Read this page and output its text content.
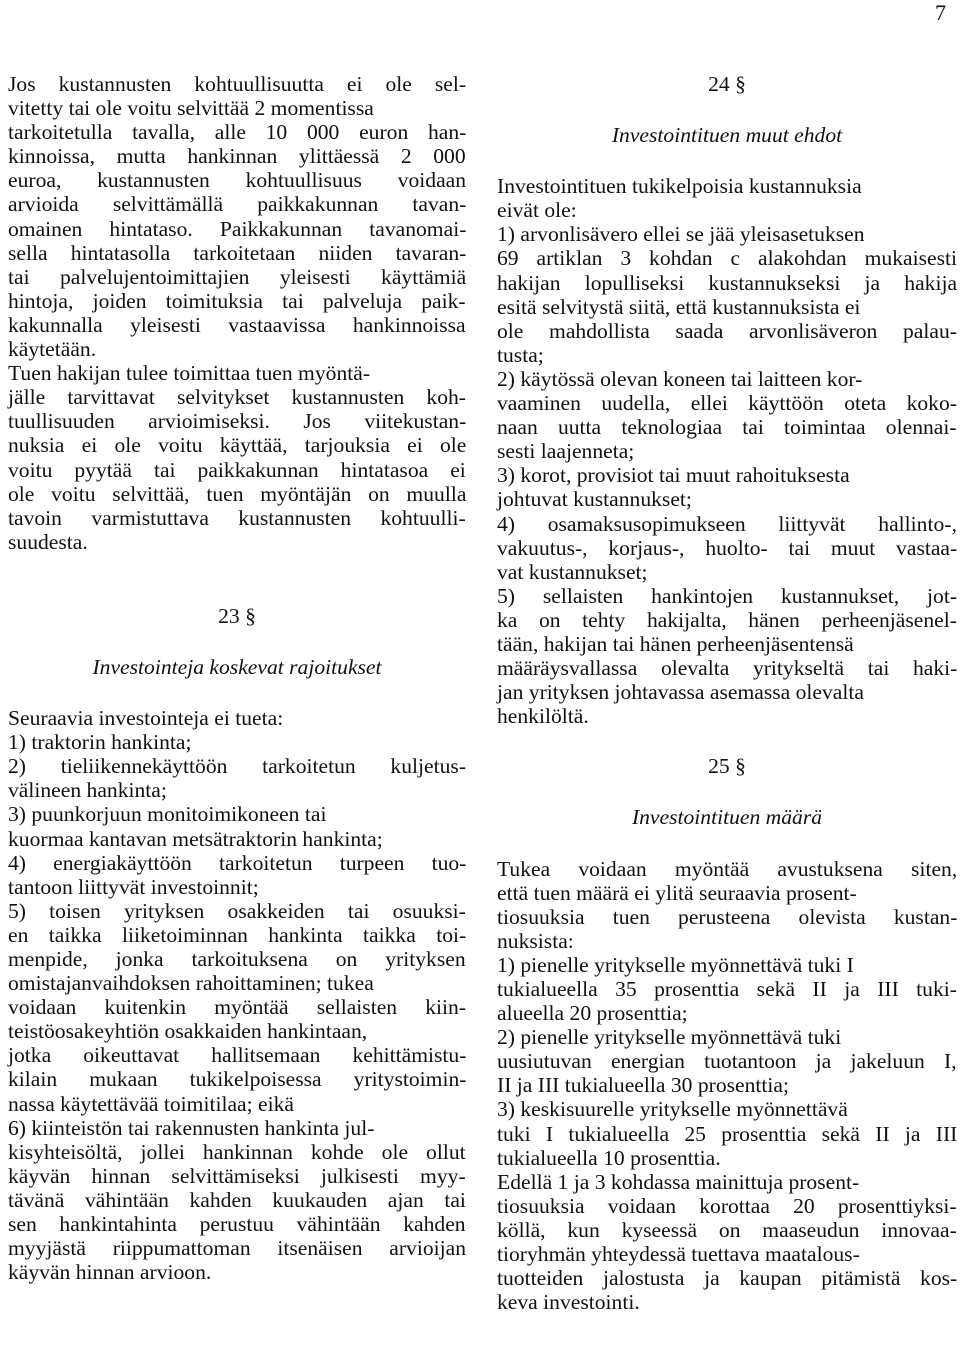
7
Jos kustannusten kohtuullisuutta ei ole sel-
vitetty tai ole voitu selvittää 2 momentissa
tarkoitetulla tavalla, alle 10 000 euron han-
kinnoissa, mutta hankinnan ylittäessä 2 000
euroa, kustannusten kohtuullisuus voidaan
arvioida selvittämällä paikkakunnan tavan-
omainen hintataso. Paikkakunnan tavanomai-
sella hintatasolla tarkoitetaan niiden tavaran-
tai palvelujentoimittajien yleisesti käyttämiä
hintoja, joiden toimituksia tai palveluja paik-
kakunnalla yleisesti vastaavissa hankinnoissa
käytetään.
Tuen hakijan tulee toimittaa tuen myöntä-
jälle tarvittavat selvitykset kustannusten koh-
tuullisuuden arvioimiseksi. Jos viitekustan-
nuksia ei ole voitu käyttää, tarjouksia ei ole
voitu pyytää tai paikkakunnan hintatasoa ei
ole voitu selvittää, tuen myöntäjän on muulla
tavoin varmistuttava kustannusten kohtuulli-
suudesta.
23 §
Investointeja koskevat rajoitukset
Seuraavia investointeja ei tueta:
1) traktorin hankinta;
2) tieliikennekäyttöön tarkoitetun kuljetus-
välineen hankinta;
3) puunkorjuun monitoimikoneen tai
kuormaa kantavan metsätraktorin hankinta;
4) energiakäyttöön tarkoitetun turpeen tuo-
tantoon liittyvät investoinnit;
5) toisen yrityksen osakkeiden tai osuuksi-
en taikka liiketoiminnan hankinta taikka toi-
menpide, jonka tarkoituksena on yrityksen
omistajanvaihdoksen rahoittaminen; tukea
voidaan kuitenkin myöntää sellaisten kiin-
teistöosakeyhtiön osakkaiden hankintaan,
jotka oikeuttavat hallitsemaan kehittämistu-
kilain mukaan tukikelpoisessa yritystoimin-
nassa käytettävää toimitilaa; eikä
6) kiinteistön tai rakennusten hankinta jul-
kisyhteisöltä, jollei hankinnan kohde ole ollut
käyvän hinnan selvittämiseksi julkisesti myy-
tävänä vähintään kahden kuukauden ajan tai
sen hankintahinta perustuu vähintään kahden
myyjästä riippumattoman itsenäisen arvioijan
käyvän hinnan arvioon.
24 §
Investointituen muut ehdot
Investointituen tukikelpoisia kustannuksia
eivät ole:
1) arvonlisävero ellei se jää yleisasetuksen
69 artiklan 3 kohdan c alakohdan mukaisesti
hakijan lopulliseksi kustannukseksi ja hakija
esitä selvitystä siitä, että kustannuksista ei
ole mahdollista saada arvonlisäveron palau-
tusta;
2) käytössä olevan koneen tai laitteen kor-
vaaminen uudella, ellei käyttöön oteta koko-
naan uutta teknologiaa tai toimintaa olennai-
sesti laajenneta;
3) korot, provisiot tai muut rahoituksesta
johtuvat kustannukset;
4) osamaksusopimukseen liittyvät hallinto-,
vakuutus-, korjaus-, huolto- tai muut vastaa-
vat kustannukset;
5) sellaisten hankintojen kustannukset, jot-
ka on tehty hakijalta, hänen perheenjäsenel-
tään, hakijan tai hänen perheenjäsentensä
määräysvallassa olevalta yritykseltä tai haki-
jan yrityksen johtavassa asemassa olevalta
henkilöltä.
25 §
Investointituen määrä
Tukea voidaan myöntää avustuksena siten,
että tuen määrä ei ylitä seuraavia prosent-
tiosuuksia tuen perusteena olevista kustan-
nuksista:
1) pienelle yritykselle myönnettävä tuki I
tukialueella 35 prosenttia sekä II ja III tuki-
alueella 20 prosenttia;
2) pienelle yritykselle myönnettävä tuki
uusiutuvan energian tuotantoon ja jakeluun I,
II ja III tukialueella 30 prosenttia;
3) keskisuurelle yritykselle myönnettävä
tuki I tukialueella 25 prosenttia sekä II ja III
tukialueella 10 prosenttia.
Edellä 1 ja 3 kohdassa mainittuja prosent-
tiosuuksia voidaan korottaa 20 prosenttiyksi-
köllä, kun kyseessä on maaseudun innovaa-
tioryhmän yhteydessä tuettava maatalous-
tuotteiden jalostusta ja kaupan pitämistä kos-
keva investointi.
